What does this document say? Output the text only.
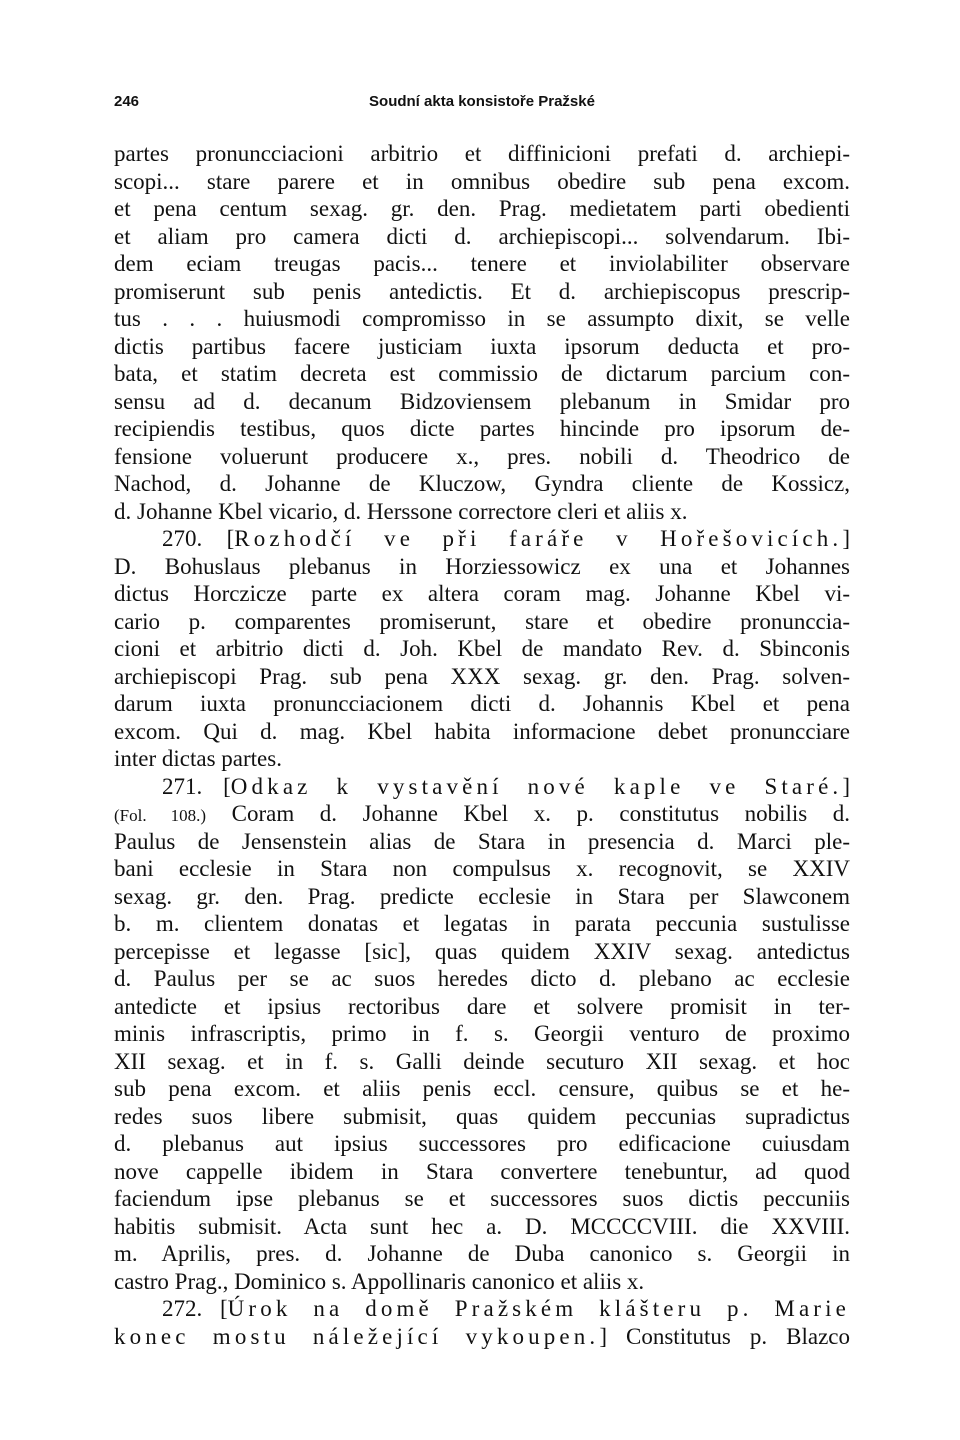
246	Soudní akta konsistoře Pražské
partes pronuncciacioni arbitrio et diffinicioni prefati d. archiepi-
scopi... stare parere et in omnibus obedire sub pena excom.
et pena centum sexag. gr. den. Prag. medietatem parti obedienti
et aliam pro camera dicti d. archiepiscopi... solvendarum. Ibi-
dem eciam treugas pacis... tenere et inviolabiliter observare
promiserunt sub penis antedictis. Et d. archiepiscopus prescrip-
tus . . . huiusmodi compromisso in se assumpto dixit, se velle
dictis partibus facere justiciam iuxta ipsorum deducta et pro-
bata, et statim decreta est commissio de dictarum parcium con-
sensu ad d. decanum Bidzoviensem plebanum in Smidar pro
recipiendis testibus, quos dicte partes hincinde pro ipsorum de-
fensione voluerunt producere x., pres. nobili d. Theodrico de
Nachod, d. Johanne de Kluczow, Gyndra cliente de Kossicz,
d. Johanne Kbel vicario, d. Herssone correctore cleri et aliis x.
270. [Rozhodčí ve při faráře v Hořešovicích.]
D. Bohuslaus plebanus in Horziessowicz ex una et Johannes
dictus Horczicze parte ex altera coram mag. Johanne Kbel vi-
cario p. comparentes promiserunt, stare et obedire pronunccia-
cioni et arbitrio dicti d. Joh. Kbel de mandato Rev. d. Sbinconis
archiepiscopi Prag. sub pena XXX sexag. gr. den. Prag. solven-
darum iuxta pronuncciacionem dicti d. Johannis Kbel et pena
excom. Qui d. mag. Kbel habita informacione debet pronuncciare
inter dictas partes.
271. [Odkaz k vystavění nové kaple ve Staré.]
(Fol. 108.) Coram d. Johanne Kbel x. p. constitutus nobilis d.
Paulus de Jensenstein alias de Stara in presencia d. Marci ple-
bani ecclesie in Stara non compulsus x. recognovit, se XXIV
sexag. gr. den. Prag. predicte ecclesie in Stara per Slawconem
b. m. clientem donatas et legatas in parata peccunia sustulisse
percepisse et legasse [sic], quas quidem XXIV sexag. antedictus
d. Paulus per se ac suos heredes dicto d. plebano ac ecclesie
antedicte et ipsius rectoribus dare et solvere promisit in ter-
minis infrascriptis, primo in f. s. Georgii venturo de proximo
XII sexag. et in f. s. Galli deinde secuturo XII sexag. et hoc
sub pena excom. et aliis penis eccl. censure, quibus se et he-
redes suos libere submisit, quas quidem peccunias supradictus
d. plebanus aut ipsius successores pro edificacione cuiusdam
nove cappelle ibidem in Stara convertere tenebuntur, ad quod
faciendum ipse plebanus se et successores suos dictis peccuniis
habitis submisit. Acta sunt hec a. D. MCCCCVIII. die XXVIII.
m. Aprilis, pres. d. Johanne de Duba canonico s. Georgii in
castro Prag., Dominico s. Appollinaris canonico et aliis x.
272. [Úrok na domě Pražském klášteru p. Marie
konec mostu náležející vykoupen.] Constitutus p. Blazco
